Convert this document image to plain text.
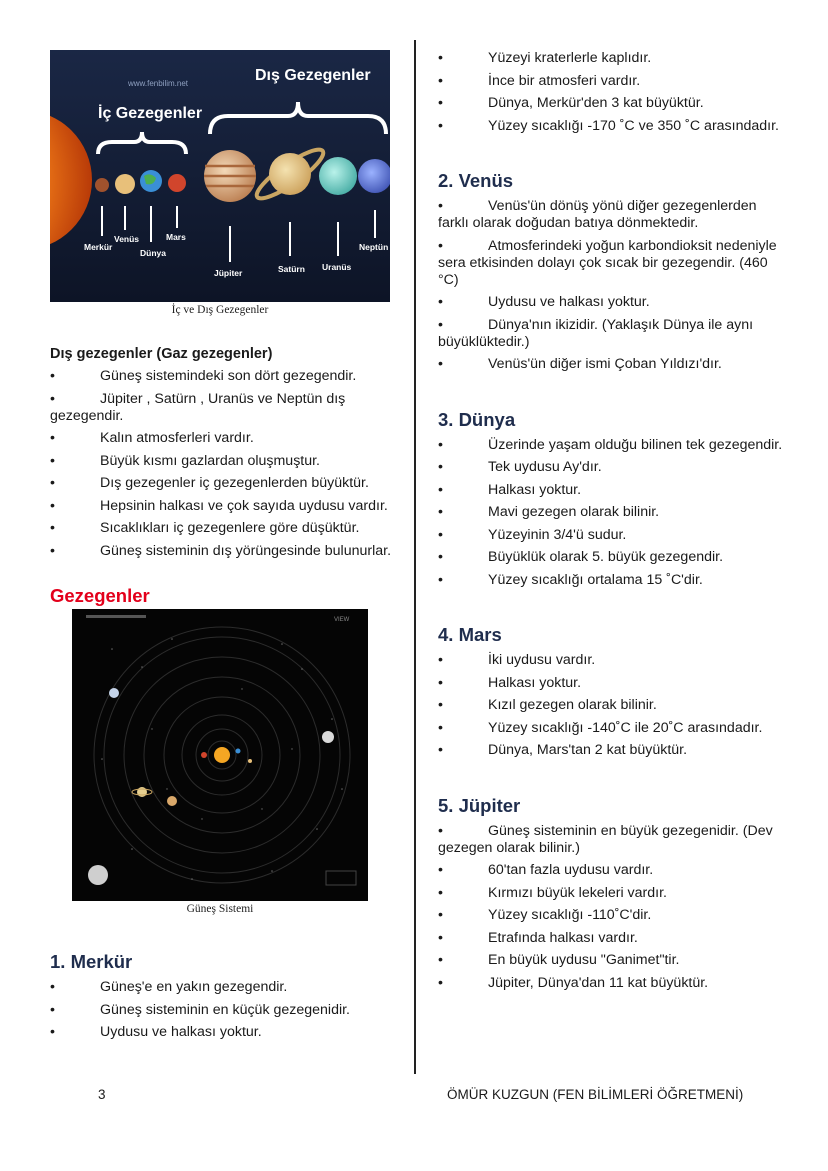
www.fenbilim.net
İç Gezegenler
Dış Gezegenler
Merkür
Venüs
Dünya
Mars
Jüpiter	Satürn Uranüs
Neptün
İç ve Dış Gezegenler
Dış gezegenler (Gaz gezegenler)
•	Güneş sistemindeki son dört gezegendir.
•	Jüpiter , Satürn , Uranüs ve Neptün dış gezegendir.
•	Kalın atmosferleri vardır.
•	Büyük kısmı gazlardan oluşmuştur.
•	Dış gezegenler iç gezegenlerden büyüktür.
•	Hepsinin halkası ve çok sayıda uydusu vardır.
•	Sıcaklıkları iç gezegenlere göre düşüktür.
•	Güneş sisteminin dış yörüngesinde bulunurlar.
Gezegenler
VIEW
Güneş Sistemi
1. Merkür
•	Güneş'e en yakın gezegendir.
•	Güneş sisteminin en küçük gezegenidir.
•	Uydusu ve halkası yoktur.
•	Yüzeyi kraterlerle kaplıdır.
•	İnce bir atmosferi vardır.
•	Dünya, Merkür'den 3 kat büyüktür.
•	Yüzey sıcaklığı -170 ˚C ve 350 ˚C arasındadır.
2. Venüs
•	Venüs'ün dönüş yönü diğer gezegenlerden farklı olarak doğudan batıya dönmektedir.
•	Atmosferindeki yoğun karbondioksit nedeniyle sera etkisinden dolayı çok sıcak bir gezegendir. (460 °C)
•	Uydusu ve halkası yoktur.
•	Dünya'nın ikizidir. (Yaklaşık Dünya ile aynı büyüklüktedir.)
•	Venüs'ün diğer ismi Çoban Yıldızı'dır.
3. Dünya
•	Üzerinde yaşam olduğu bilinen tek gezegendir.
•	Tek uydusu Ay'dır.
•	Halkası yoktur.
•	Mavi gezegen olarak bilinir.
•	Yüzeyinin 3/4'ü sudur.
•	Büyüklük olarak 5. büyük gezegendir.
•	Yüzey sıcaklığı ortalama 15 ˚C'dir.
4. Mars
•	İki uydusu vardır.
•	Halkası yoktur.
•	Kızıl gezegen olarak bilinir.
•	Yüzey sıcaklığı -140˚C ile 20˚C arasındadır.
•	Dünya, Mars'tan 2 kat büyüktür.
5. Jüpiter
•	Güneş sisteminin en büyük gezegenidir. (Dev gezegen olarak bilinir.)
•	60'tan fazla uydusu vardır.
•	Kırmızı büyük lekeleri vardır.
•	Yüzey sıcaklığı -110˚C'dir.
•	Etrafında halkası vardır.
•	En büyük uydusu "Ganimet"tir.
•	Jüpiter, Dünya'dan 11 kat büyüktür.
3	ÖMÜR KUZGUN (FEN BİLİMLERİ ÖĞRETMENİ)
